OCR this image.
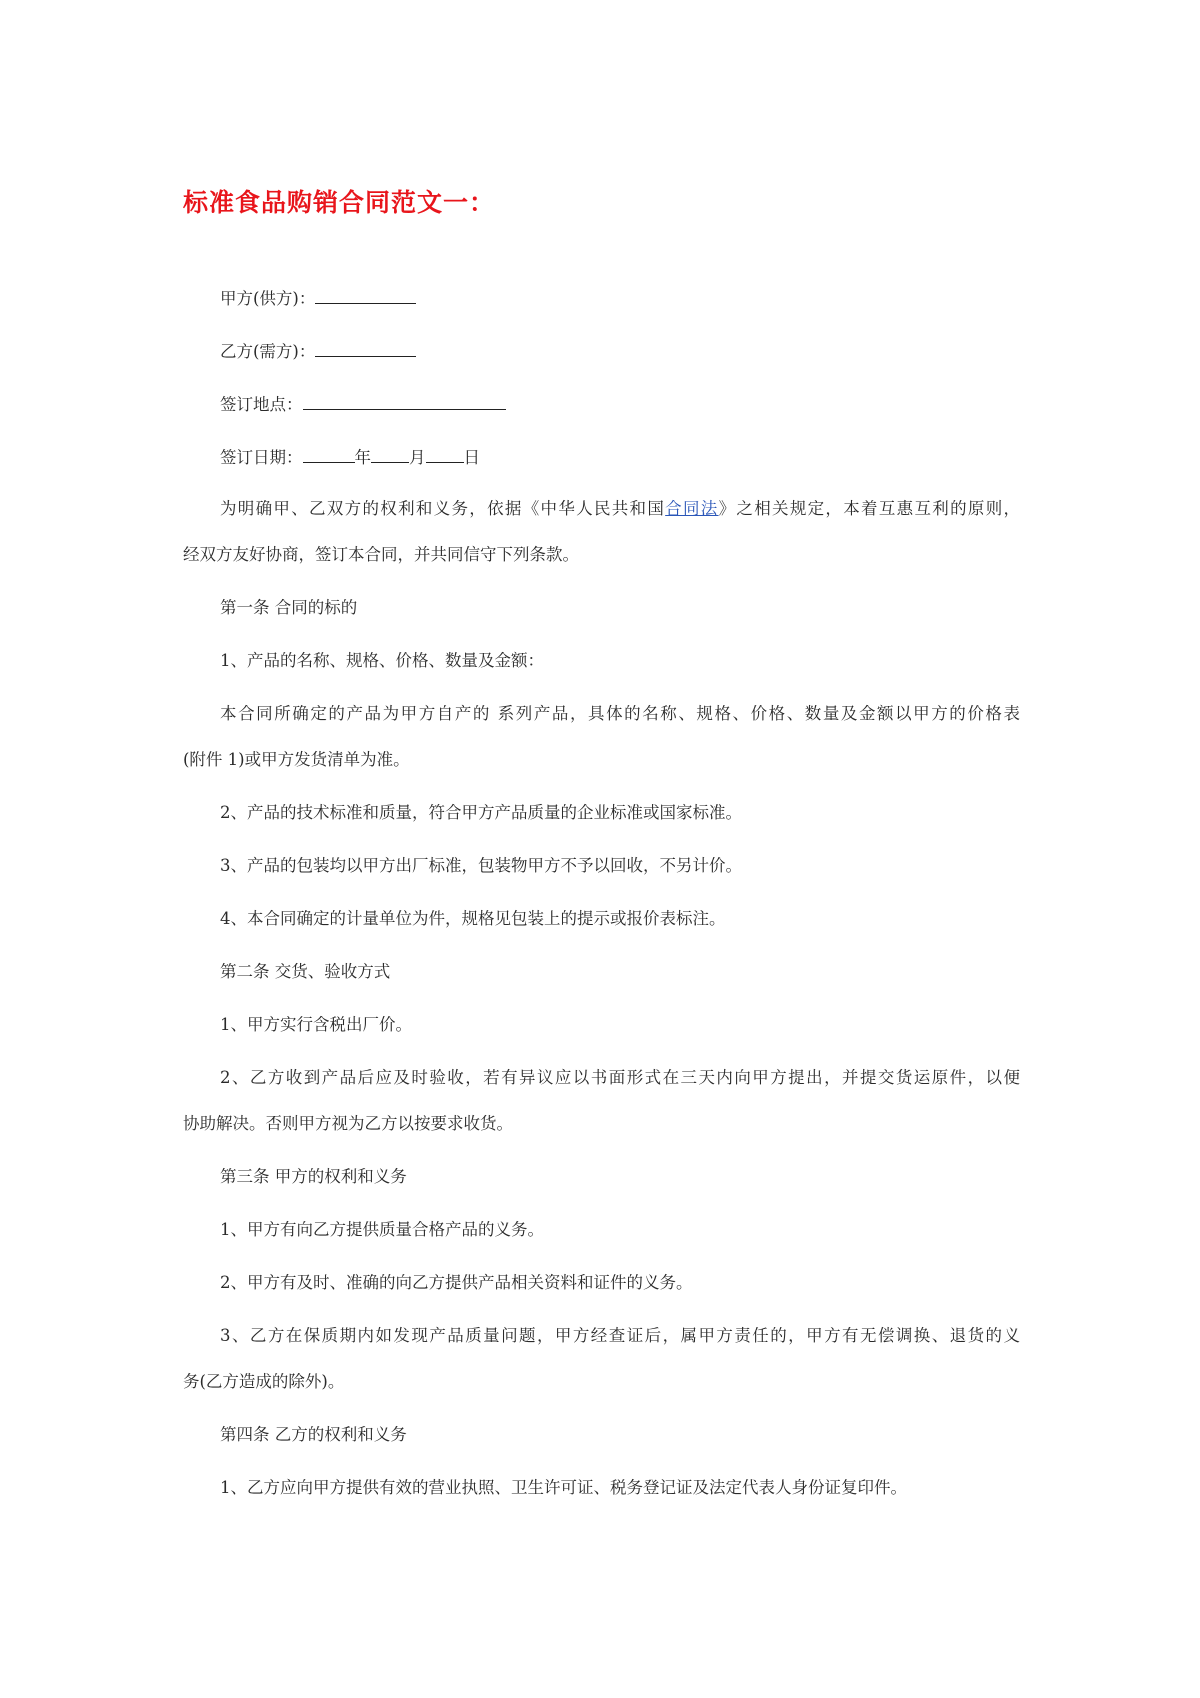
标准食品购销合同范文一：
甲方(供方)：
乙方(需方)：
签订地点：
签订日期：	年 月 日
为明确甲、乙双方的权利和义务，依据《中华人民共和国合同法》之相关规定，本着互惠互利的原则，
经双方友好协商，签订本合同，并共同信守下列条款。
第一条 合同的标的
1、产品的名称、规格、价格、数量及金额：
本合同所确定的产品为甲方自产的 系列产品，具体的名称、规格、价格、数量及金额以甲方的价格表
(附件 1)或甲方发货清单为准。
2、产品的技术标准和质量，符合甲方产品质量的企业标准或国家标准。
3、产品的包装均以甲方出厂标准，包装物甲方不予以回收，不另计价。
4、本合同确定的计量单位为件，规格见包装上的提示或报价表标注。
第二条 交货、验收方式
1、甲方实行含税出厂价。
2、乙方收到产品后应及时验收，若有异议应以书面形式在三天内向甲方提出，并提交货运原件，以便
协助解决。否则甲方视为乙方以按要求收货。
第三条 甲方的权利和义务
1、甲方有向乙方提供质量合格产品的义务。
2、甲方有及时、准确的向乙方提供产品相关资料和证件的义务。
3、乙方在保质期内如发现产品质量问题，甲方经查证后，属甲方责任的，甲方有无偿调换、退货的义
务(乙方造成的除外)。
第四条 乙方的权利和义务
1、乙方应向甲方提供有效的营业执照、卫生许可证、税务登记证及法定代表人身份证复印件。
